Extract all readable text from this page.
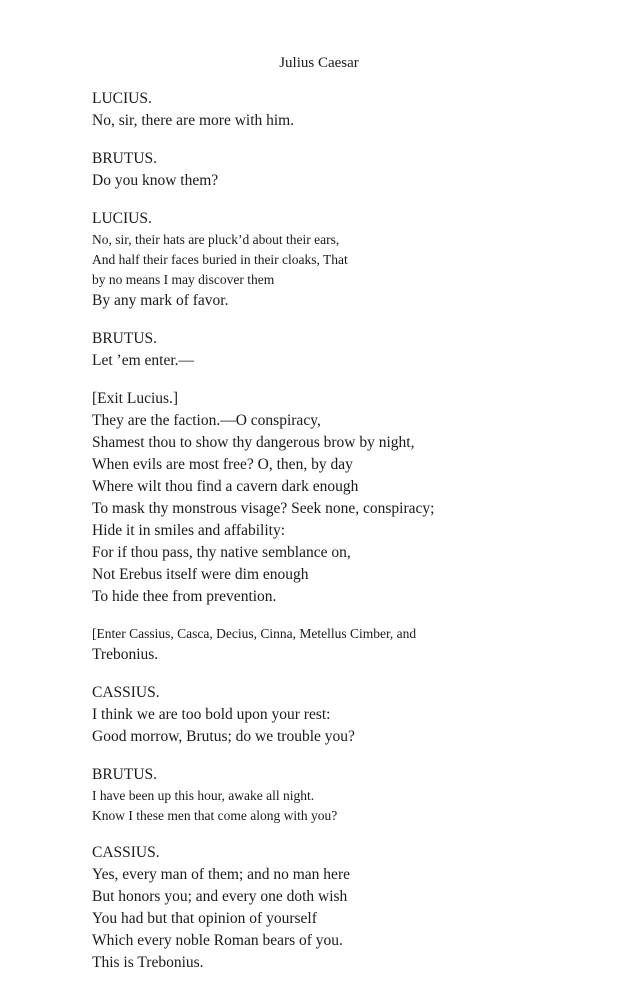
Julius Caesar
LUCIUS.
No, sir, there are more with him.
BRUTUS.
Do you know them?
LUCIUS.
No, sir, their hats are pluck’d about their ears,
And half their faces buried in their cloaks, That
by no means I may discover them
By any mark of favor.
BRUTUS.
Let ’em enter.—
[Exit Lucius.]
They are the faction.—O conspiracy,
Shamest thou to show thy dangerous brow by night,
When evils are most free? O, then, by day
Where wilt thou find a cavern dark enough
To mask thy monstrous visage? Seek none, conspiracy;
Hide it in smiles and affability:
For if thou pass, thy native semblance on,
Not Erebus itself were dim enough
To hide thee from prevention.
[Enter Cassius, Casca, Decius, Cinna, Metellus Cimber, and
Trebonius.
CASSIUS.
I think we are too bold upon your rest:
Good morrow, Brutus; do we trouble you?
BRUTUS.
I have been up this hour, awake all night.
Know I these men that come along with you?
CASSIUS.
Yes, every man of them; and no man here
But honors you; and every one doth wish
You had but that opinion of yourself
Which every noble Roman bears of you.
This is Trebonius.
